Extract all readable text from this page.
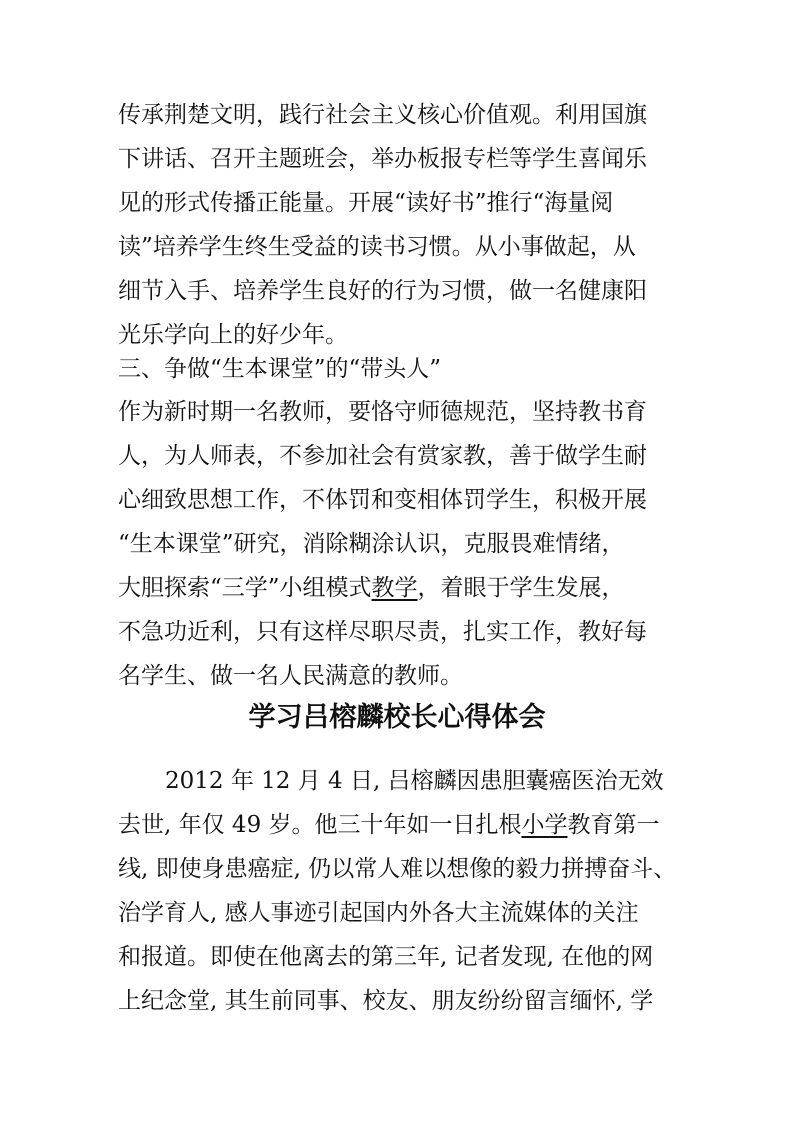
传承荆楚文明，践行社会主义核心价值观。利用国旗
下讲话、召开主题班会，举办板报专栏等学生喜闻乐
见的形式传播正能量。开展“读好书”推行“海量阅
读”培养学生终生受益的读书习惯。从小事做起，从
细节入手、培养学生良好的行为习惯，做一名健康阳
光乐学向上的好少年。
三、争做“生本课堂”的“带头人”
作为新时期一名教师，要恪守师德规范，坚持教书育
人，为人师表，不参加社会有赏家教，善于做学生耐
心细致思想工作，不体罚和变相体罚学生，积极开展
“生本课堂”研究，消除糊涂认识，克服畏难情绪，
大胆探索“三学”小组模式教学，着眼于学生发展，
不急功近利，只有这样尽职尽责，扎实工作，教好每
名学生、做一名人民满意的教师。
学习吕榕麟校长心得体会
2012 年 12 月 4 日, 吕榕麟因患胆囊癌医治无效
去世, 年仅 49 岁。他三十年如一日扎根小学教育第一
线, 即使身患癌症, 仍以常人难以想像的毅力拼搏奋斗、
治学育人, 感人事迹引起国内外各大主流媒体的关注
和报道。即使在他离去的第三年, 记者发现, 在他的网
上纪念堂, 其生前同事、校友、朋友纷纷留言缅怀, 学
